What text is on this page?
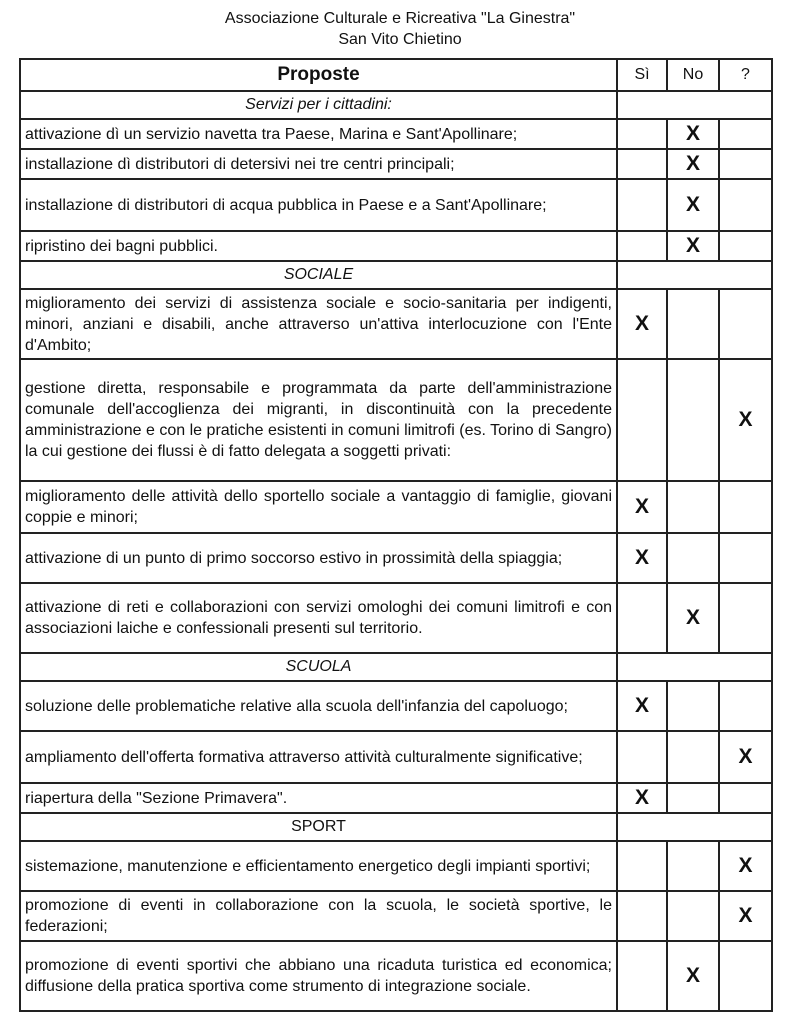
Associazione Culturale e Ricreativa "La Ginestra"
San Vito Chietino
Proposte	Sì	No	?
Servizi per i cittadini:			
attivazione dì un servizio navetta tra Paese, Marina e Sant'Apollinare;		X	
installazione dì distributori di detersivi nei tre centri principali;		X	
installazione di distributori di acqua pubblica in Paese e a Sant'Apollinare;		X	
ripristino dei bagni pubblici.		X	
SOCIALE			
miglioramento dei servizi di assistenza sociale e socio-sanitaria per indigenti, minori, anziani e disabili, anche attraverso un'attiva interlocuzione con l'Ente d'Ambito;	X		
gestione diretta, responsabile e programmata da parte dell'amministrazione comunale dell'accoglienza dei migranti, in discontinuità con la precedente amministrazione e con le pratiche esistenti in comuni limitrofi (es. Torino di Sangro) la cui gestione dei flussi è di fatto delegata a soggetti privati:			X
miglioramento delle attività dello sportello sociale a vantaggio di famiglie, giovani coppie e minori;	X		
attivazione di un punto di primo soccorso estivo in prossimità della spiaggia;	X		
attivazione di reti e collaborazioni con servizi omologhi dei comuni limitrofi e con associazioni laiche e confessionali presenti sul territorio.		X	
SCUOLA			
soluzione delle problematiche relative alla scuola dell'infanzia del capoluogo;	X		
ampliamento dell'offerta formativa attraverso attività culturalmente significative;			X
riapertura della "Sezione Primavera".	X		
SPORT			
sistemazione, manutenzione e efficientamento energetico degli impianti sportivi;			X
promozione di eventi in collaborazione con la scuola, le società sportive, le federazioni;			X
promozione di eventi sportivi che abbiano una ricaduta turistica ed economica; diffusione della pratica sportiva come strumento di integrazione sociale.		X	
